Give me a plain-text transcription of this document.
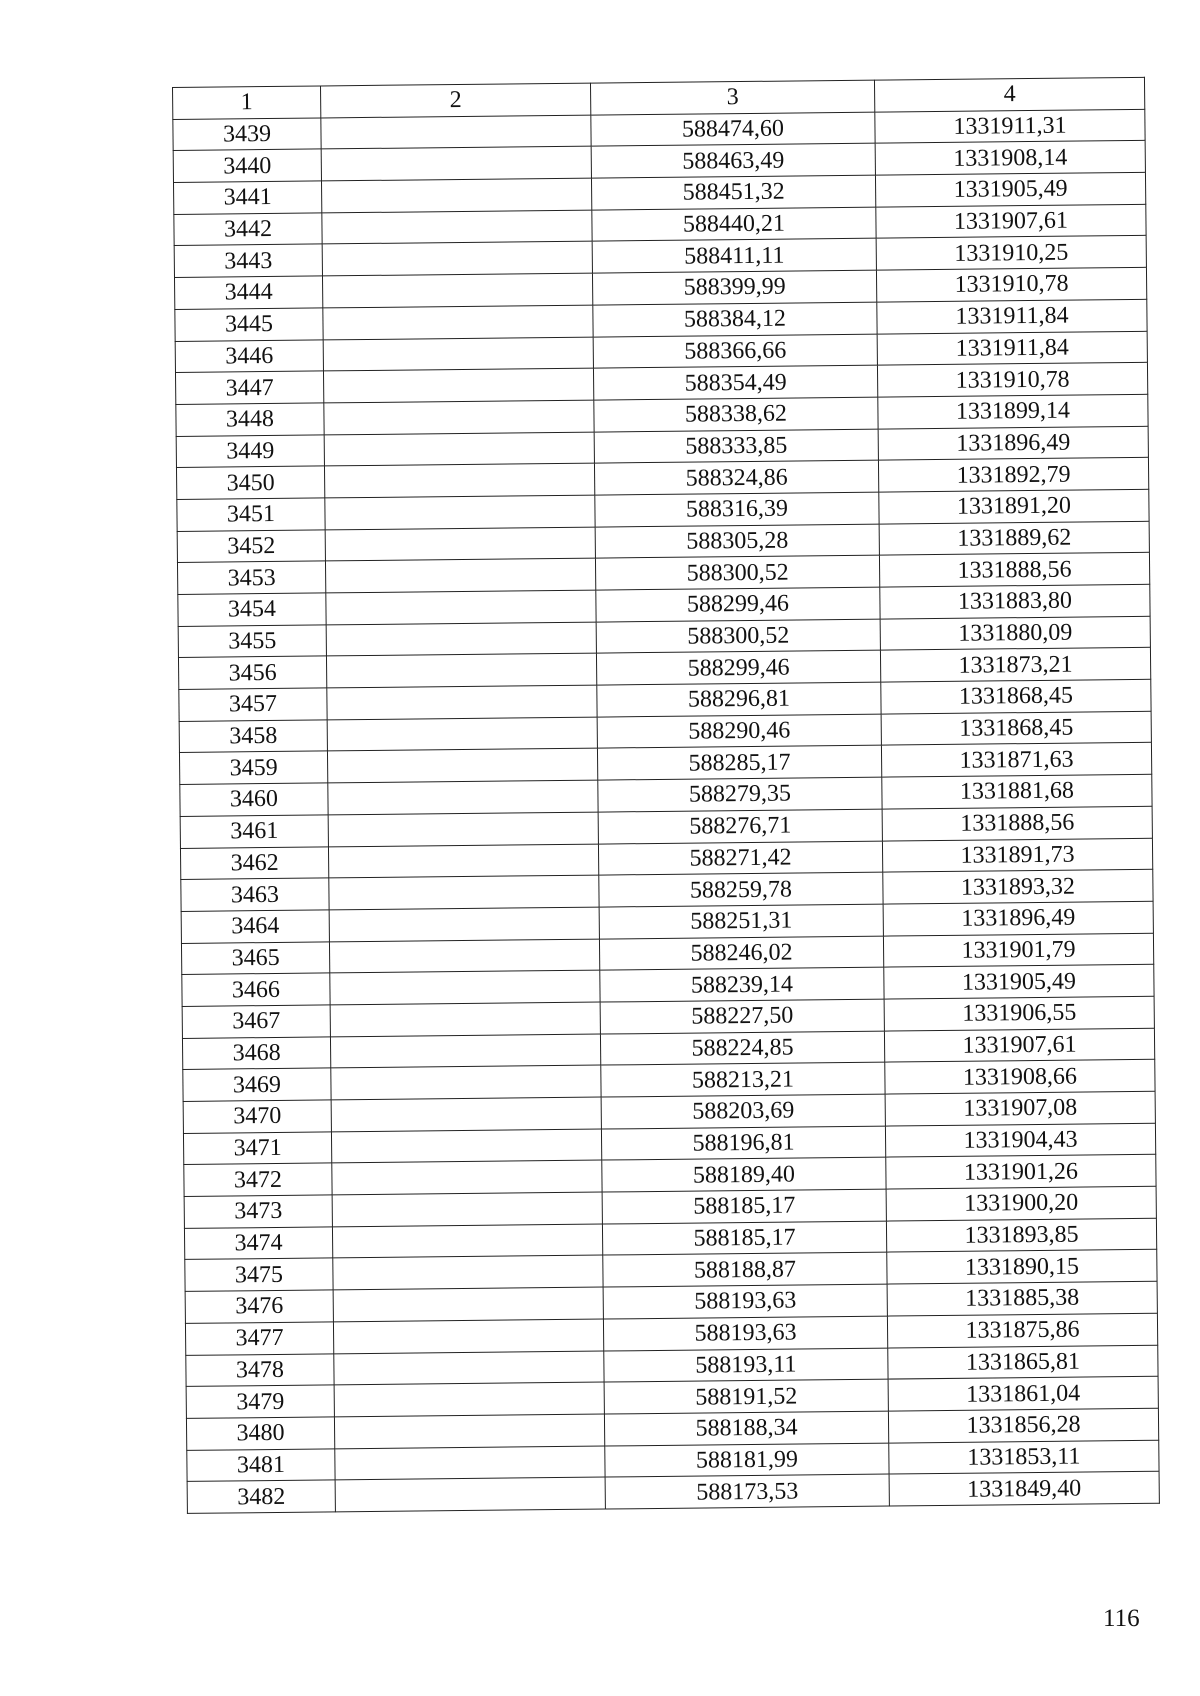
1	2	3	4
3439		588474,60	1331911,31
3440		588463,49	1331908,14
3441		588451,32	1331905,49
3442		588440,21	1331907,61
3443		588411,11	1331910,25
3444		588399,99	1331910,78
3445		588384,12	1331911,84
3446		588366,66	1331911,84
3447		588354,49	1331910,78
3448		588338,62	1331899,14
3449		588333,85	1331896,49
3450		588324,86	1331892,79
3451		588316,39	1331891,20
3452		588305,28	1331889,62
3453		588300,52	1331888,56
3454		588299,46	1331883,80
3455		588300,52	1331880,09
3456		588299,46	1331873,21
3457		588296,81	1331868,45
3458		588290,46	1331868,45
3459		588285,17	1331871,63
3460		588279,35	1331881,68
3461		588276,71	1331888,56
3462		588271,42	1331891,73
3463		588259,78	1331893,32
3464		588251,31	1331896,49
3465		588246,02	1331901,79
3466		588239,14	1331905,49
3467		588227,50	1331906,55
3468		588224,85	1331907,61
3469		588213,21	1331908,66
3470		588203,69	1331907,08
3471		588196,81	1331904,43
3472		588189,40	1331901,26
3473		588185,17	1331900,20
3474		588185,17	1331893,85
3475		588188,87	1331890,15
3476		588193,63	1331885,38
3477		588193,63	1331875,86
3478		588193,11	1331865,81
3479		588191,52	1331861,04
3480		588188,34	1331856,28
3481		588181,99	1331853,11
3482		588173,53	1331849,40
116
